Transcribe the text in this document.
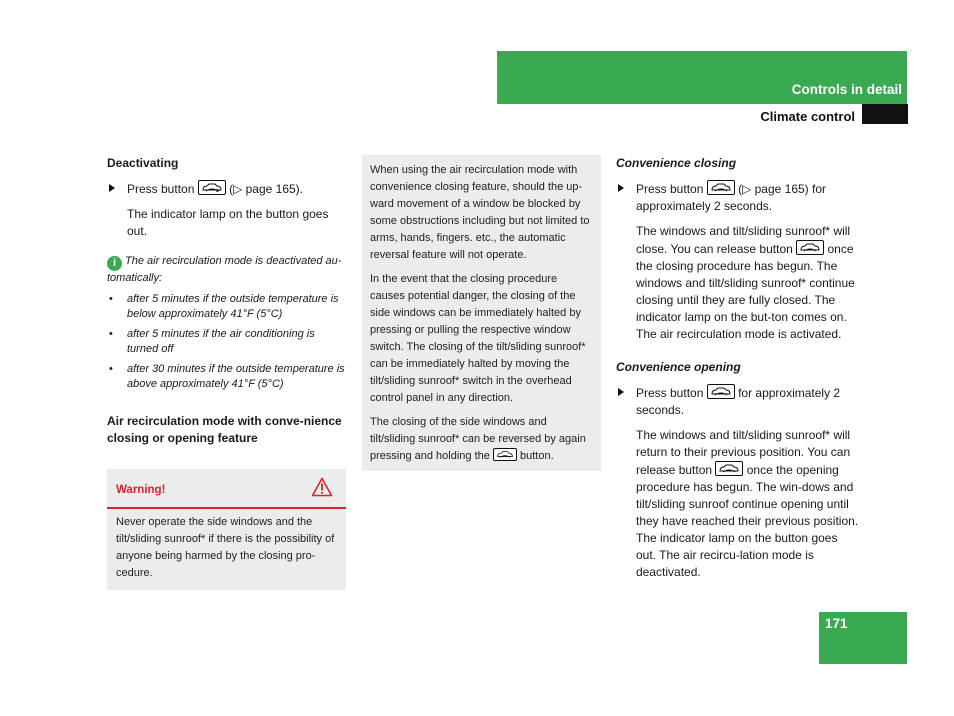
Controls in detail
Climate control

Deactivating

Press button	(▷ page 165).
The indicator lamp on the button goes out.
i The air recirculation mode is deactivated au-tomatically:
• after 5 minutes if the outside temperature is below approximately 41°F (5°C)
• after 5 minutes if the air conditioning is turned off
• after 30 minutes if the outside temperature is above approximately 41°F (5°C)

Air recirculation mode with conve-nience closing or opening feature

Warning!
Never operate the side windows and the tilt/sliding sunroof* if there is the possibility of anyone being harmed by the closing pro-cedure.

When using the air recirculation mode with convenience closing feature, should the up-ward movement of a window be blocked by some obstructions including but not limited to arms, hands, fingers. etc., the automatic reversal feature will not operate.

In the event that the closing procedure causes potential danger, the closing of the side windows can be immediately halted by pressing or pulling the respective window switch. The closing of the tilt/sliding sunroof* can be immediately halted by moving the tilt/sliding sunroof* switch in the overhead control panel in any direction.

The closing of the side windows and tilt/sliding sunroof* can be reversed by again pressing and holding the	button.

Convenience closing

Press button	(▷ page 165) for approximately 2 seconds.
The windows and tilt/sliding sunroof* will close. You can release button	once the closing procedure has begun. The windows and tilt/sliding sunroof* continue closing until they are fully closed. The indicator lamp on the but-ton comes on. The air recirculation mode is activated.

Convenience opening

Press button	for approximately 2 seconds.
The windows and tilt/sliding sunroof* will return to their previous position. You can release button	once the opening procedure has begun. The win-dows and tilt/sliding sunroof continue opening until they have reached their previous position. The indicator lamp on the button goes out. The air recircu-lation mode is deactivated.
171
